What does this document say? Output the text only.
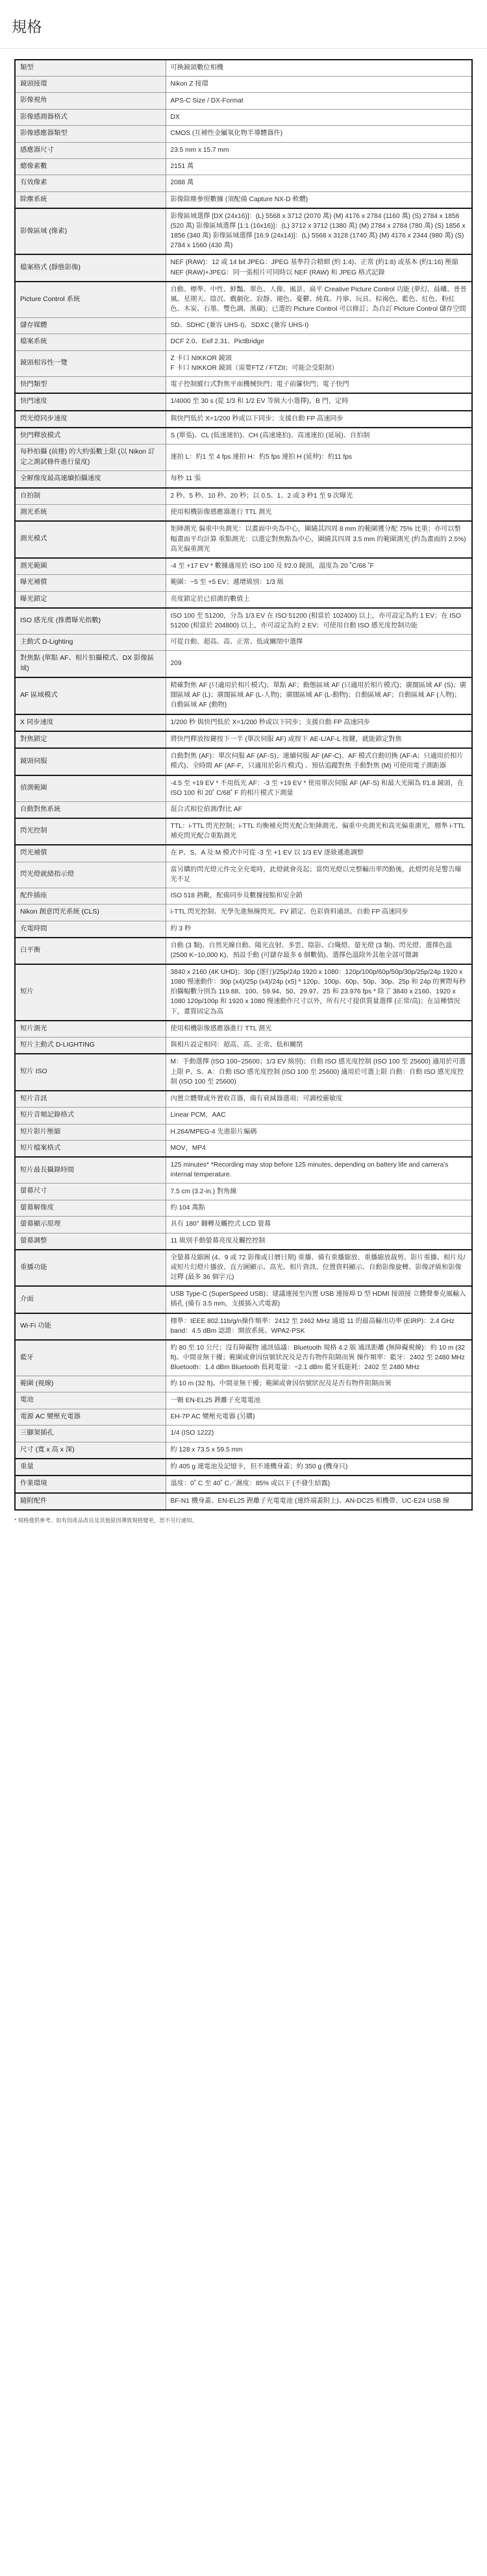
規格
類型	可換鏡頭數位相機
鏡頭接環	Nikon Z 接環
影像視角	APS-C Size / DX-Format
影像感測器格式	DX
影像感應器類型	CMOS (互補性金屬氧化物半導體器件)
感應器尺寸	23.5 mm x 15.7 mm
總像素數	2151 萬
有效像素	2088 萬
除塵系統	影像除塵參照數據 (須配備 Capture NX-D 軟體)
影像區域 (像素)	影像區域選擇 [DX (24x16)]：(L) 5568 x 3712 (2070 萬) (M) 4176 x 2784 (1160 萬) (S) 2784 x 1856 (520 萬) 影像區域選擇 [1:1 (16x16)]：(L) 3712 x 3712 (1380 萬) (M) 2784 x 2784 (780 萬) (S) 1856 x 1856 (340 萬) 影像區域選擇 [16:9 (24x14)]：(L) 5568 x 3128 (1740 萬) (M) 4176 x 2344 (980 萬) (S) 2784 x 1560 (430 萬)
檔案格式 (靜態影像)	NEF (RAW)：12 或 14 bit JPEG：JPEG 基準符合精細 (約 1:4)、正常 (約1:8) 或基本 (約1:16) 壓縮 NEF (RAW)+JPEG：同一張相片可同時以 NEF (RAW) 和 JPEG 格式記錄
Picture Control 系統	自動、標準、中性、鮮豔、單色、人像、風景、扁平 Creative Picture Control 功能 (夢幻、晨曦、普普風、星期天、陰沉、戲劇化、寂靜、褪色、憂鬱、純真、丹寧、玩具、棕褐色、藍色、紅色、粉紅色、木炭、石墨、雙色調、黑碳)；已選的 Picture Control 可以修訂；為自訂 Picture Control 儲存空間
儲存媒體	SD、SDHC (兼容 UHS-I)、SDXC (兼容 UHS-I)
檔案系統	DCF 2.0、Exif 2.31、PictBridge
鏡頭相容性一覽	Z 卡口 NIKKOR 鏡頭
F 卡口 NIKKOR 鏡頭（需要FTZ / FTZII；可能会受限制）
快門類型	電子控制縱行式對焦平面機械快門；電子前簾快門；電子快門
快門速度	1/4000 至 30 s (從 1/3 和 1/2 EV 等級大小選擇)，B 門，定時
閃光燈同步速度	與快門低於 X=1/200 秒或以下同步；支援自動 FP 高速同步
快門釋放模式	S (單張)、CL (低速連拍)、CH (高速連拍)、高速連拍 (延展)、自拍制
每秒拍攝 (前捲) 的大約張數上限 (以 Nikon 訂定之測試條件進行量度)	連拍 L：約1 至 4 fps 連拍 H：約5 fps 連拍 H (延伸)：約11 fps
全解像度最高連續拍攝速度	每秒 11 張
自拍制	2 秒、5 秒、10 秒、20 秒；以 0.5、1、2 或 3 秒1 至 9 次曝光
測光系統	使用相機影像感應器進行 TTL 測光
測光模式	矩陣測光 偏重中央測光：以畫面中央為中心，圍繞其四周 8 mm 的範圍獲分配 75% 比重；亦可以整幅畫面平均計算 重點測光：以選定對焦點為中心，圍繞其四周 3.5 mm 的範圍測光 (約為畫面的 2.5%) 高光偏重測光
測光範圍	-4 至 +17 EV * 數據適用於 ISO 100 及 f/2.0 鏡頭，溫度為 20 ˚C/68 ˚F
曝光補償	範圍：−5 至 +5 EV；遞增級別：1/3 級
曝光鎖定	亮度鎖定於已偵測的數值上
ISO 感光度 (推薦曝光指數)	ISO 100 至 51200，分為 1/3 EV 在 ISO 51200 (相當於 102400) 以上，亦可設定為約 1 EV；在 ISO 51200 (相當於 204800) 以上，亦可設定為約 2 EV；可使用自動 ISO 感光度控制功能
主動式 D-Lighting	可從自動、超高、高、正常、低或關閉中選擇
對焦點 (單點 AF、相片拍攝模式、DX 影像區域)	209
AF 區域模式	精確對焦 AF (只適用於相片模式)；單點 AF；動態區域 AF (只適用於相片模式)；廣闊區域 AF (S)；廣闊區域 AF (L)；廣闊區域 AF (L-人物)；廣闊區域 AF (L-動物)；自動區域 AF；自動區域 AF (人物)；自動區域 AF (動物)
X 同步速度	1/200 秒 與快門低於 X=1/200 秒或以下同步；支援自動 FP 高速同步
對焦鎖定	將快門釋放按鍵按下一半 (單次伺服 AF) 或按下 AE-L/AF-L 按鍵，就能鎖定對焦
鏡頭伺服	自動對焦 (AF)：單次伺服 AF (AF-S)、連續伺服 AF (AF-C)、AF 模式自動切換 (AF-A；只適用於相片模式)、全時間 AF (AF-F，只適用於影片模式) 、預估追蹤對焦 手動對焦 (M) 可使用電子測距器
偵測範圍	-4.5 至 +19 EV * 不用低光 AF：-3 至 +19 EV * 使用單次伺服 AF (AF-S) 和最大光圈為 f/1.8 鏡頭，在 ISO 100 和 20˚ C/68˚ F 的相片模式下測量
自動對焦系統	混合式相位偵測/對比 AF
閃光控制	TTL：i-TTL 閃光控制；i-TTL 均衡補充閃光配合矩陣測光、偏重中央測光和高光偏重測光，標準 i-TTL 補充閃光配合重點測光
閃光補償	在 P、S、A 及 M 模式中可從 -3 至 +1 EV 以 1/3 EV 逐級遞進調整
閃光燈就緒指示燈	當另購的閃光燈元件完全充電時，此燈就會亮起；當閃光燈以完整輸出率閃動後，此燈閃亮是警告曝光不足
配件插座	ISO 518 熱靴，配備同步及數據接點和安全鎖
Nikon 創意閃光系統 (CLS)	i-TTL 閃光控制、光學先進無線閃光、FV 鎖定、色彩資料通訊、自動 FP 高速同步
充電時間	約 3 秒
白平衡	自動 (3 類)、自然光線自動、陽光直射、多雲、陰影、白熾燈、螢光燈 (3 類)、閃光燈、選擇色溫 (2500 K−10,000 K)、預設手動 (可儲存最多 6 個數值)、選擇色溫除外其他全部可微調
短片	3840 x 2160 (4K UHD)；30p (逐行)/25p/24p 1920 x 1080：120p/100p/60p/50p/30p/25p/24p 1920 x 1080 慢速動作：30p (x4)/25p (x4)/24p (x5) * 120p、100p、60p、50p、30p、25p 和 24p 的實際每秒拍攝幅數分別為 119.88、100、59.94、50、29.97、25 和 23.976 fps * 除了 3840 x 2160、1920 x 1080 120p/100p 和 1920 x 1080 慢速動作尺寸以外，所有尺寸提供質量選擇 (正常/高)；在這種情況下，畫質固定為高
短片測光	使用相機影像感應器進行 TTL 測光
短片主動式 D-LIGHTING	與相片設定相同：超高、高、正常、低和關閉
短片 ISO	M：手動選擇 (ISO 100−25600；1/3 EV 級別)；自動 ISO 感光度控制 (ISO 100 至 25600) 適用於可選上限 P、S、A：自動 ISO 感光度控制 (ISO 100 至 25600) 適用於可選上限 自動：自動 ISO 感光度控制 (ISO 100 至 25600)
短片音訊	內置立體聲或外置收音器，備有衰減器選項；可調校靈敏度
短片音頻記錄格式	Linear PCM，AAC
短片影片壓縮	H.264/MPEG-4 先進影片編碼
短片檔案格式	MOV，MP4
短片最長攝錄時間	125 minutes* *Recording may stop before 125 minutes, depending on battery life and camera’s internal temperature.
螢幕尺寸	7.5 cm (3.2-in.) 對角線
螢幕解像度	約 104 萬點
螢幕顯示原理	具有 180° 翻轉及觸控式 LCD 螢幕
螢幕調整	11 級別手動螢幕亮度及觸控控制
重播功能	全螢幕及縮圖 (4、9 或 72 影像或日曆日期) 重播、備有重播縮放、重播縮放裁剪、影片重播、相片及/或短片幻燈片播放、直方圖顯示、高光、相片資訊、位置資料顯示、自動影像旋轉、影像評級和影像註釋 (最多 36 個字元)
介面	USB Type-C (SuperSpeed USB)；建議連接至內置 USB 連接埠 D 型 HDMI 接頭接 立體聲麥克風輸入插孔 (備有 3.5 mm，支援插入式電源)
Wi-Fi 功能	標準：IEEE 802.11b/g/n操作頻率：2412 至 2462 MHz 通道 11 的最高輸出功率 (EIRP)：2.4 GHz band：4.5 dBm 認證：開放系統、WPA2-PSK
藍牙	約 80 至 10 公尺；沒有障礙物 通訊協議：Bluetooth 規格 4.2 版 通訊距離 (無障礙視線)：約 10 m (32 ft)。中間並無干擾；範圍或會因信號狀況及是否有物件阻隔而異 操作頻率：藍牙：2402 至 2480 MHz Bluetooth：1.4 dBm Bluetooth 低耗電量：−2.1 dBm 藍牙低能耗：2402 至 2480 MHz
範圍 (視線)	約 10 m (32 ft)。中間並無干擾；範圍或會因信號狀況及是否有物件阻隔而異
電池	一顆 EN-EL25 鋰離子充電電池
電源 AC 變壓充電器	EH-7P AC 變壓充電器 (另購)
三腳架插孔	1/4 (ISO 1222)
尺寸 (寬 x 高 x 深)	約 128 x 73.5 x 59.5 mm
重量	約 405 g 連電池及記憶卡，但不連機身蓋；約 350 g (機身只)
作業環境	溫度：0˚ C 至 40˚ C／濕度：85% 或以下 (不發生結露)
隨附配件	BF-N1 機身蓋、EN-EL25 鋰離子充電電池 (連終端蓋附上)、AN-DC25 相機帶、UC-E24 USB 線
* 規格僅供參考。如有因產品改良及其他原因導致規格變更，恕不另行通知。
